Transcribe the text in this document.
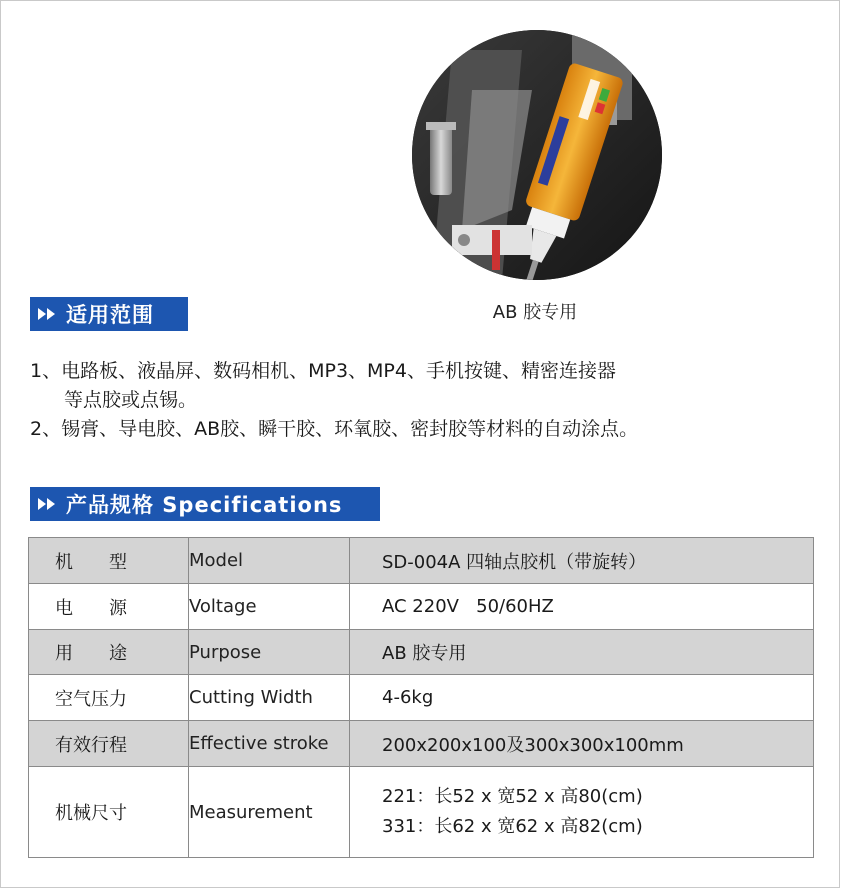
AB 胶专用
适用范围
1、电路板、液晶屏、数码相机、MP3、MP4、手机按键、精密连接器
等点胶或点锡。
2、锡膏、导电胶、AB胶、瞬干胶、环氧胶、密封胶等材料的自动涂点。
产品规格 Specifications
机 型	Model	SD-004A 四轴点胶机（带旋转）
电 源	Voltage	AC 220V   50/60HZ
用 途	Purpose	AB 胶专用
空气压力	Cutting Width	4-6kg
有效行程	Effective stroke	200x200x100及300x300x100mm
机械尺寸	Measurement	221：长52 x 宽52 x 高80(cm)
331：长62 x 宽62 x 高82(cm)
